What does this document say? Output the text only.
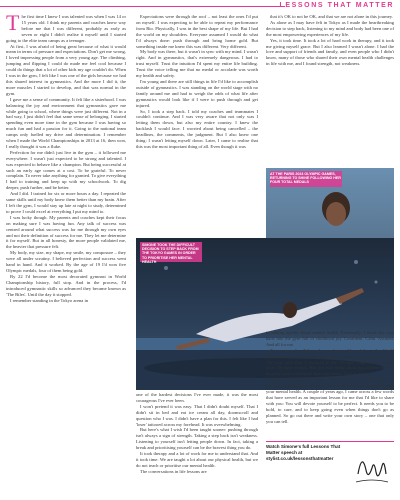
LESSONS THAT MATTER
T he first time I knew I was talented was when I was 14 or 15 years old. I think my parents and coaches knew way before me that I was different, probably as early as seven or eight I didn't realise it myself until I started going to the elite team camps as a teenager.

At first, I was afraid of being great because of what it would mean in terms of pressure and expectations. Don't get me wrong, I loved impressing people from a very young age. The climbing, jumping and flipping I could do made me feel cool because I could do things that a lot of other kids my age couldn't do. When I was in the gym, I felt like I was one of the girls because we had this shared interest in gymnastics. And the more I did it, the more muscles I started to develop, and that was normal in the gym.

I gave me a sense of community. It felt like a sisterhood. I was balancing the joy and environment that gymnastics gave me while going to school, where things were just different. Not in a bad way, I just didn't feel that same sense of belonging. I started spending even more time in the gym because I was having so much fun and had a passion for it. Going to the national team camps only fuelled my drive and determination. I remember when I made the World Championships in 2013 at 16, then won, I really thought it was a fluke.

Perfection for me didn't just live in the gym – it followed me everywhere. I wasn't just expected to be strong and talented. I was expected to behave like a champion. But being successful at such an early age comes at a cost. To be grateful. To never complain. To never take anything for granted. To give everything I had to training and keep up with my schoolwork. To dig deeper, push further, and be better.

And I did. I trained for six or more hours a day. I repeated the same skills until my body knew them better than my brain. After I left the gym, I would stay up late at night to study, determined to prove I could excel at everything I put my mind to.

I was lucky though. My parents and coaches kept their focus on making sure I was having fun. Any talk of success was centred around what success was for me through my own eyes and not their definition of success for me. They let me determine it for myself. But in all honesty, the more people validated me, the heavier that pressure felt.

My body, my size, my shape, my smile, my composure – they were all under scrutiny. I believed perfection and success went hand in hand. And it worked. By the age of 19 I'd won five Olympic medals, four of them being gold.

By 22 I'd become the most decorated gymnast in World Championship history, full stop. And in the process, I'd introduced gymnastic skills so advanced they became known as 'The Biles'. Until the day it stopped.

I remember standing in the Tokyo arena in

Expectations were through the roof – not least the ones I'd put on myself. I was expecting to be able to repeat my performance from Rio. Physically, I was in the best shape of my life. But I had the world on my shoulders. Everyone assumed I would do what I'd always done: push through and bring home gold. But something inside me knew this was different. Very different.

My body was there, but it wasn't in sync with my mind. I wasn't right. And in gymnastics, that's extremely dangerous. I had to trust myself. Trust the intuition I'd spent my entire life building. Trust the voice telling me that no medal or accolade was worth my health and safety.

I'm young and there are still things in life I'd like to accomplish outside of gymnastics. I was standing on the world stage with no family around me and had to weigh the odds of what life after gymnastics would look like if I were to push through and get injured.

So, I took a step back. I told my coaches and teammates I couldn't continue. And I was very aware that not only was I letting them down, but also my entire country. I knew the backlash I would face. I worried about being cancelled – the headlines, the comments, the judgment. But I also knew one thing: I wasn't letting myself down. Later, I came to realise that this was the most important thing of all. Even though it was

that it's OK to not be OK, and that we are not alone in this journey.

As alone as I may have felt in Tokyo as I made the heartbreaking decision to step back, listening to my mind and body had been one of the most empowering experiences of my life.

Yes, it took time. It took a lot of hard work in therapy, and it took me giving myself grace. But I also learned I wasn't alone. I had the love and support of friends and family, and even people who I didn't know, many of those who shared their own mental health challenges in life with me, and I found strength, not weakness.

AT THE PARIS 2024 OLYMPIC GAMES, RETURNING TO SHINE FOLLOWING HER FOUR TOTAL MEDALS
SIMONE TOOK THE DIFFICULT DECISION TO STEP BACK FROM THE TOKYO GAMES IN ORDER TO PRIORITISE HER MENTAL HEALTH

one of the hardest decisions I've ever made, it was the most courageous I've ever been.

I won't pretend it was easy. That I didn't doubt myself. That I didn't sit in bed and eat ice cream all day, doomscroll and question who I was. I didn't have a plan for this. I felt like I had 'loser' tattooed across my forehead. It was overwhelming.

But here's what I wish I'd been taught sooner: pushing through isn't always a sign of strength. Taking a step back isn't weakness. Listening to yourself isn't letting people down. In fact, taking a break and prioritising yourself can be the bravest thing you do.

It took therapy and a lot of work for me to understand that. And it took time. We are taught a lot about our physical health, but we do not teach or prioritise our mental health.

The conversations in life lessons are

in talking openly about mental health. Eventually, I made my way back into the gym full of childhood joy. Confident. Calm. Assured. And all for me.

Two years after Tokyo, I won four gold medals at the World Championships and became the most decorated gymnast in history. The year after that, I returned to the Olympic stage and won four more Olympic medals. But this isn't really about my achievements – because I am worth more than any medal. And so are you.

If there's one lesson I'd teach every child or every adult, today: no award, accolade, job success or even wealth is more important than your mental health. A couple of years ago, I came across a few words that have served as an important lesson for me that I'd like to share with you: You will devote yourself to be perfect. It needs you to be bold, to care, and to keep going even when things don't go as planned. So go out there and write your own story – one that only you can tell.

Watch Simone's full Lessons That Matter speech at stylist.co.uk/lessonsthatmatter
